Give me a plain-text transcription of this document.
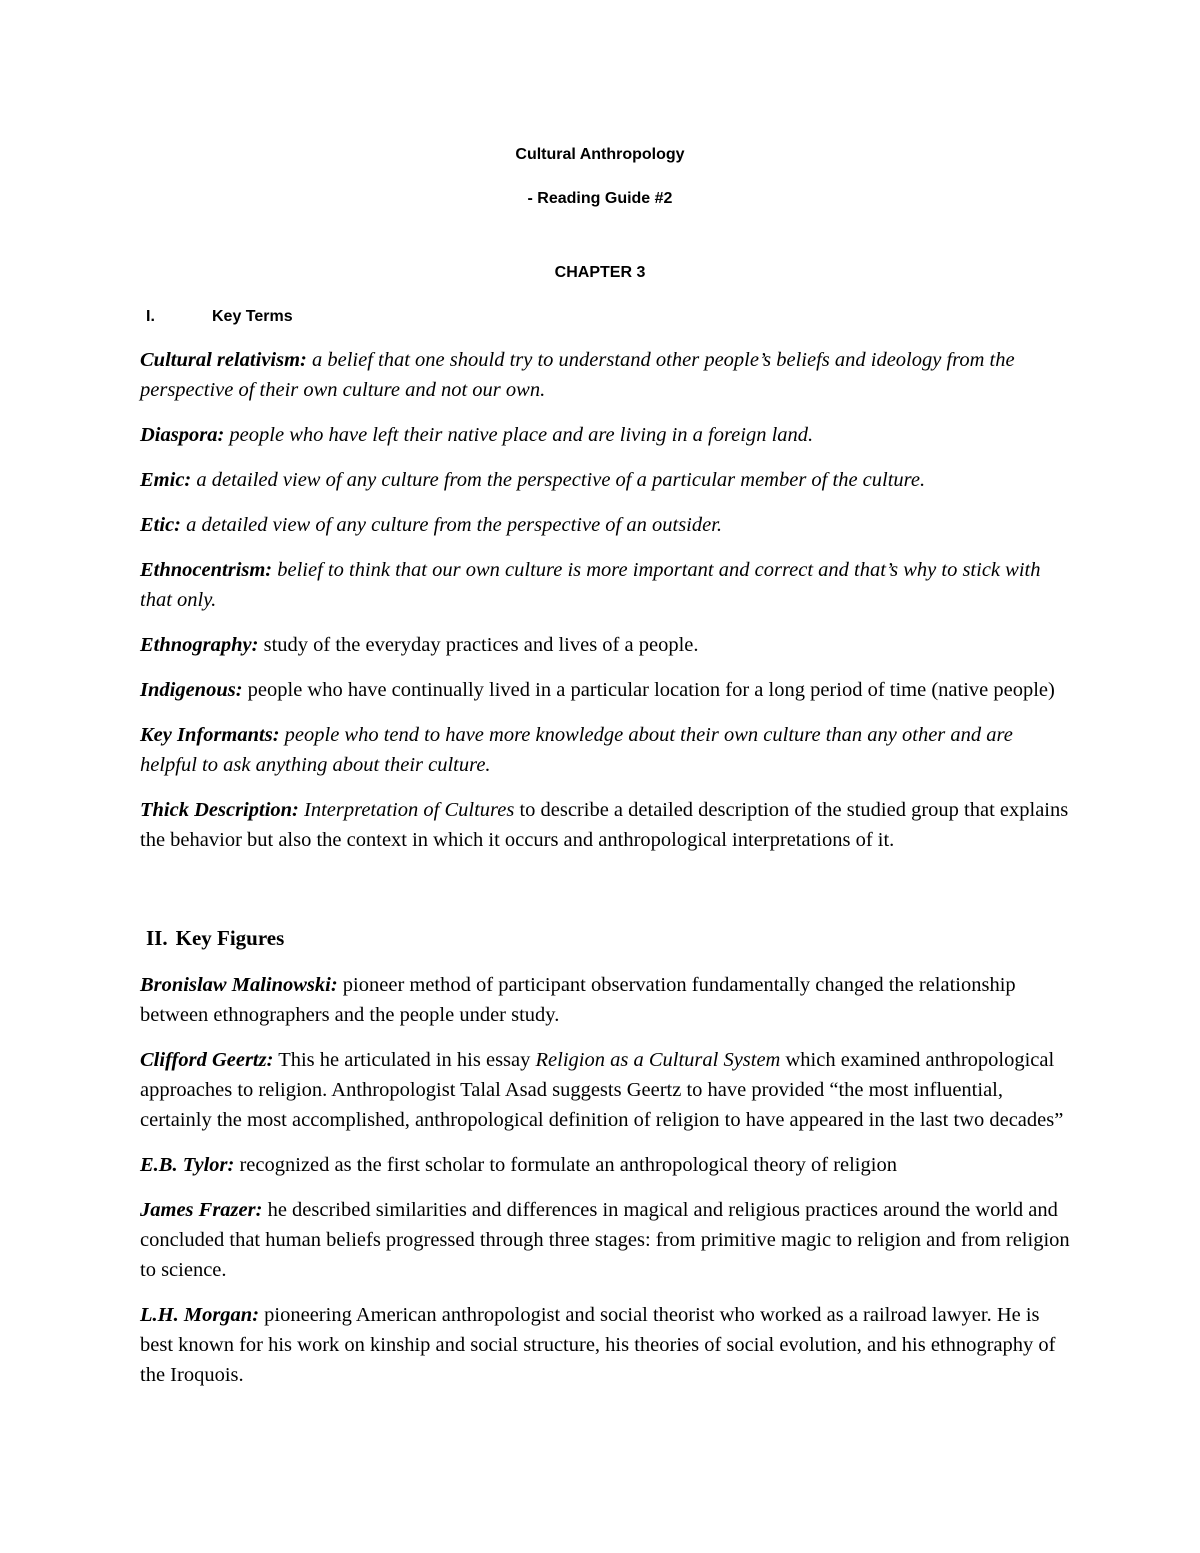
Cultural Anthropology
- Reading Guide #2
CHAPTER 3
I.	Key Terms

Cultural relativism: a belief that one should try to understand other people’s beliefs and ideology from the perspective of their own culture and not our own.

Diaspora: people who have left their native place and are living in a foreign land.

Emic: a detailed view of any culture from the perspective of a particular member of the culture.

Etic: a detailed view of any culture from the perspective of an outsider.

Ethnocentrism: belief to think that our own culture is more important and correct and that’s why to stick with that only.

Ethnography: study of the everyday practices and lives of a people.

Indigenous: people who have continually lived in a particular location for a long period of time (native people)

Key Informants: people who tend to have more knowledge about their own culture than any other and are helpful to ask anything about their culture.

Thick Description: Interpretation of Cultures to describe a detailed description of the studied group that explains the behavior but also the context in which it occurs and anthropological interpretations of it.

II. Key Figures

Bronislaw Malinowski: pioneer method of participant observation fundamentally changed the relationship between ethnographers and the people under study.

Clifford Geertz: This he articulated in his essay Religion as a Cultural System which examined anthropological approaches to religion. Anthropologist Talal Asad suggests Geertz to have provided “the most influential, certainly the most accomplished, anthropological definition of religion to have appeared in the last two decades”

E.B. Tylor: recognized as the first scholar to formulate an anthropological theory of religion

James Frazer: he described similarities and differences in magical and religious practices around the world and concluded that human beliefs progressed through three stages: from primitive magic to religion and from religion to science.

L.H. Morgan: pioneering American anthropologist and social theorist who worked as a railroad lawyer. He is best known for his work on kinship and social structure, his theories of social evolution, and his ethnography of the Iroquois.
